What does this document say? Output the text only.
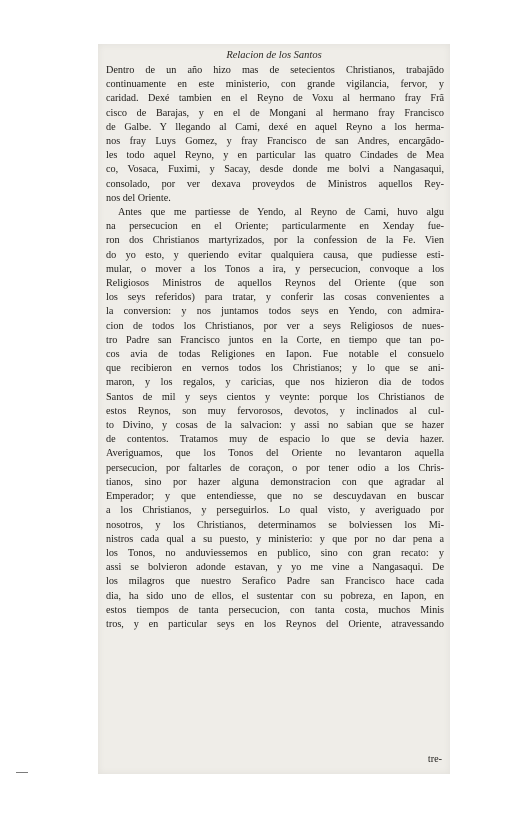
Relacion de los Santos
Dentro de un año hizo mas de setecientos Christianos, trabajãdo
continuamente en este ministerio, con grande vigilancia, fervor, y
caridad. Dexé tambien en el Reyno de Voxu al hermano fray Frã
cisco de Barajas, y en el de Mongani al hermano fray Francisco
de Galbe. Y llegando al Cami, dexé en aquel Reyno a los herma-
nos fray Luys Gomez, y fray Francisco de san Andres, encargãdo-
les todo aquel Reyno, y en particular las quatro Cindades de Mea
co, Vosaca, Fuximi, y Sacay, desde donde me bolvi a Nangasaqui,
consolado, por ver dexava proveydos de Ministros aquellos Rey-
nos del Oriente.
Antes que me partiesse de Yendo, al Reyno de Cami, huvo algu
na persecucion en el Oriente; particularmente en Xenday fue-
ron dos Christianos martyrizados, por la confession de la Fe. Vien
do yo esto, y queriendo evitar qualquiera causa, que pudiesse esti-
mular, o mover a los Tonos a ira, y persecucion, convoque a los
Religiosos Ministros de aquellos Reynos del Oriente (que son
los seys referidos) para tratar, y conferir las cosas convenientes a
la conversion: y nos juntamos todos seys en Yendo, con admira-
cion de todos los Christianos, por ver a seys Religiosos de nues-
tro Padre san Francisco juntos en la Corte, en tiempo que tan po-
cos avia de todas Religiones en Iapon. Fue notable el consuelo
que recibieron en vernos todos los Christianos; y lo que se ani-
maron, y los regalos, y caricias, que nos hizieron dia de todos
Santos de mil y seys cientos y veynte: porque los Christianos de
estos Reynos, son muy fervorosos, devotos, y inclinados al cul-
to Divino, y cosas de la salvacion: y assi no sabian que se hazer
de contentos. Tratamos muy de espacio lo que se devia hazer.
Averiguamos, que los Tonos del Oriente no levantaron aquella
persecucion, por faltarles de coraçon, o por tener odio a los Chris-
tianos, sino por hazer alguna demonstracion con que agradar al
Emperador; y que entendiesse, que no se descuydavan en buscar
a los Christianos, y perseguirlos. Lo qual visto, y averiguado por
nosotros, y los Christianos, determinamos se bolviessen los Mi-
nistros cada qual a su puesto, y ministerio: y que por no dar pena a
los Tonos, no anduviessemos en publico, sino con gran recato: y
assi se bolvieron adonde estavan, y yo me vine a Nangasaqui. De
los milagros que nuestro Serafico Padre san Francisco hace cada
dia, ha sido uno de ellos, el sustentar con su pobreza, en Iapon, en
estos tiempos de tanta persecucion, con tanta costa, muchos Minis
tros, y en particular seys en los Reynos del Oriente, atravessando
tre-
